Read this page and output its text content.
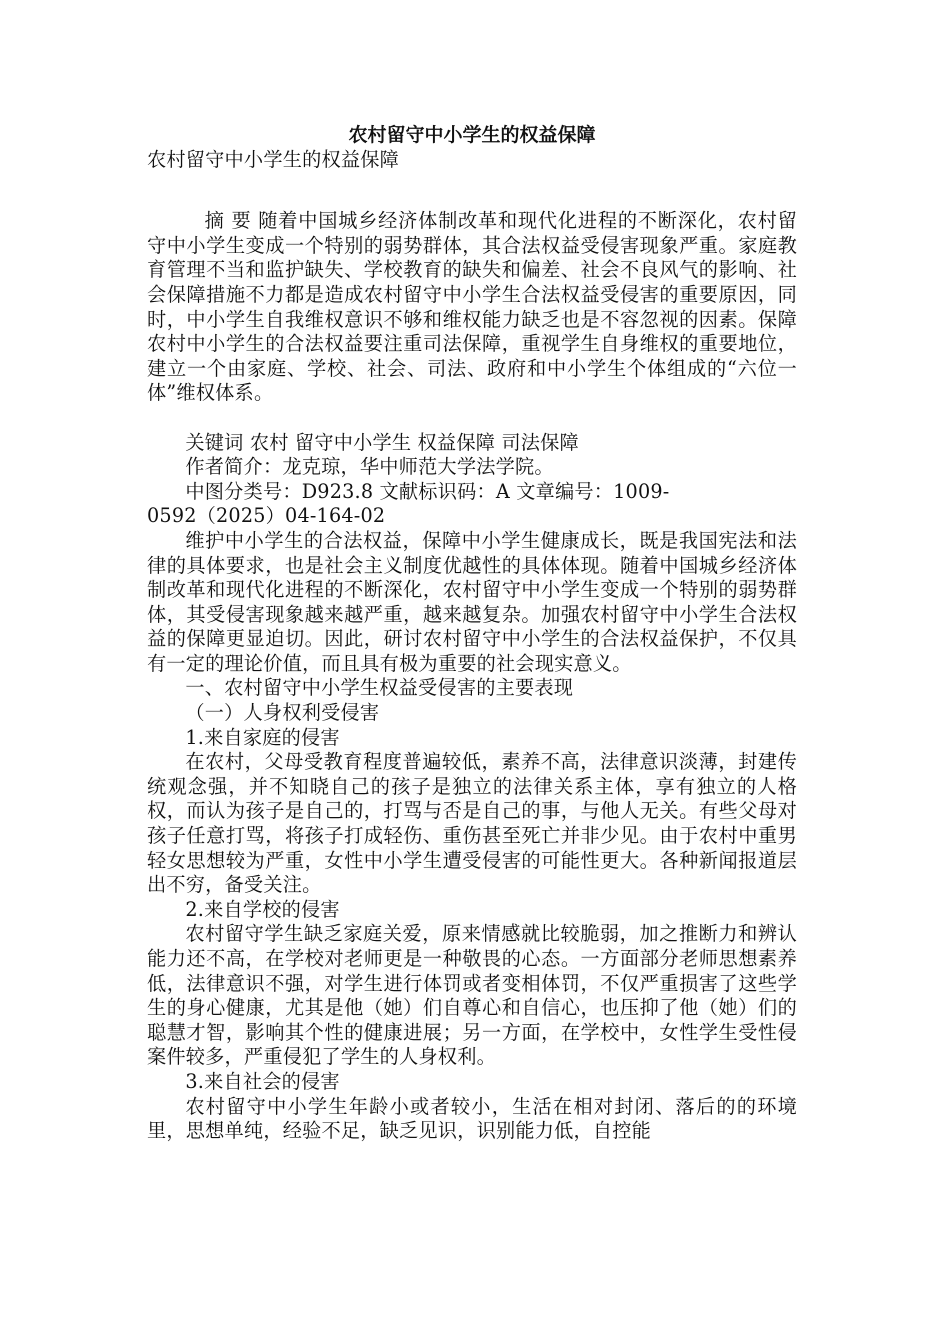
农村留守中小学生的权益保障
农村留守中小学生的权益保障
摘 要 随着中国城乡经济体制改革和现代化进程的不断深化，农村留守中小学生变成一个特别的弱势群体，其合法权益受侵害现象严重。家庭教育管理不当和监护缺失、学校教育的缺失和偏差、社会不良风气的影响、社会保障措施不力都是造成农村留守中小学生合法权益受侵害的重要原因，同时，中小学生自我维权意识不够和维权能力缺乏也是不容忽视的因素。保障农村中小学生的合法权益要注重司法保障，重视学生自身维权的重要地位，建立一个由家庭、学校、社会、司法、政府和中小学生个体组成的“六位一体”维权体系。
关键词 农村 留守中小学生 权益保障 司法保障
作者简介：龙克琼，华中师范大学法学院。
中图分类号：D923.8 文献标识码：A 文章编号：1009-
0592（2025）04-164-02
维护中小学生的合法权益，保障中小学生健康成长，既是我国宪法和法律的具体要求，也是社会主义制度优越性的具体体现。随着中国城乡经济体制改革和现代化进程的不断深化，农村留守中小学生变成一个特别的弱势群体，其受侵害现象越来越严重，越来越复杂。加强农村留守中小学生合法权益的保障更显迫切。因此，研讨农村留守中小学生的合法权益保护，不仅具有一定的理论价值，而且具有极为重要的社会现实意义。
一、农村留守中小学生权益受侵害的主要表现
（一）人身权利受侵害
1.来自家庭的侵害
在农村，父母受教育程度普遍较低，素养不高，法律意识淡薄，封建传统观念强，并不知晓自己的孩子是独立的法律关系主体，享有独立的人格权，而认为孩子是自己的，打骂与否是自己的事，与他人无关。有些父母对孩子任意打骂，将孩子打成轻伤、重伤甚至死亡并非少见。由于农村中重男轻女思想较为严重，女性中小学生遭受侵害的可能性更大。各种新闻报道层出不穷，备受关注。
2.来自学校的侵害
农村留守学生缺乏家庭关爱，原来情感就比较脆弱，加之推断力和辨认能力还不高，在学校对老师更是一种敬畏的心态。一方面部分老师思想素养低，法律意识不强，对学生进行体罚或者变相体罚，不仅严重损害了这些学生的身心健康，尤其是他（她）们自尊心和自信心，也压抑了他（她）们的聪慧才智，影响其个性的健康进展；另一方面，在学校中，女性学生受性侵案件较多，严重侵犯了学生的人身权利。
3.来自社会的侵害
农村留守中小学生年龄小或者较小，生活在相对封闭、落后的的环境里，思想单纯，经验不足，缺乏见识，识别能力低，自控能
